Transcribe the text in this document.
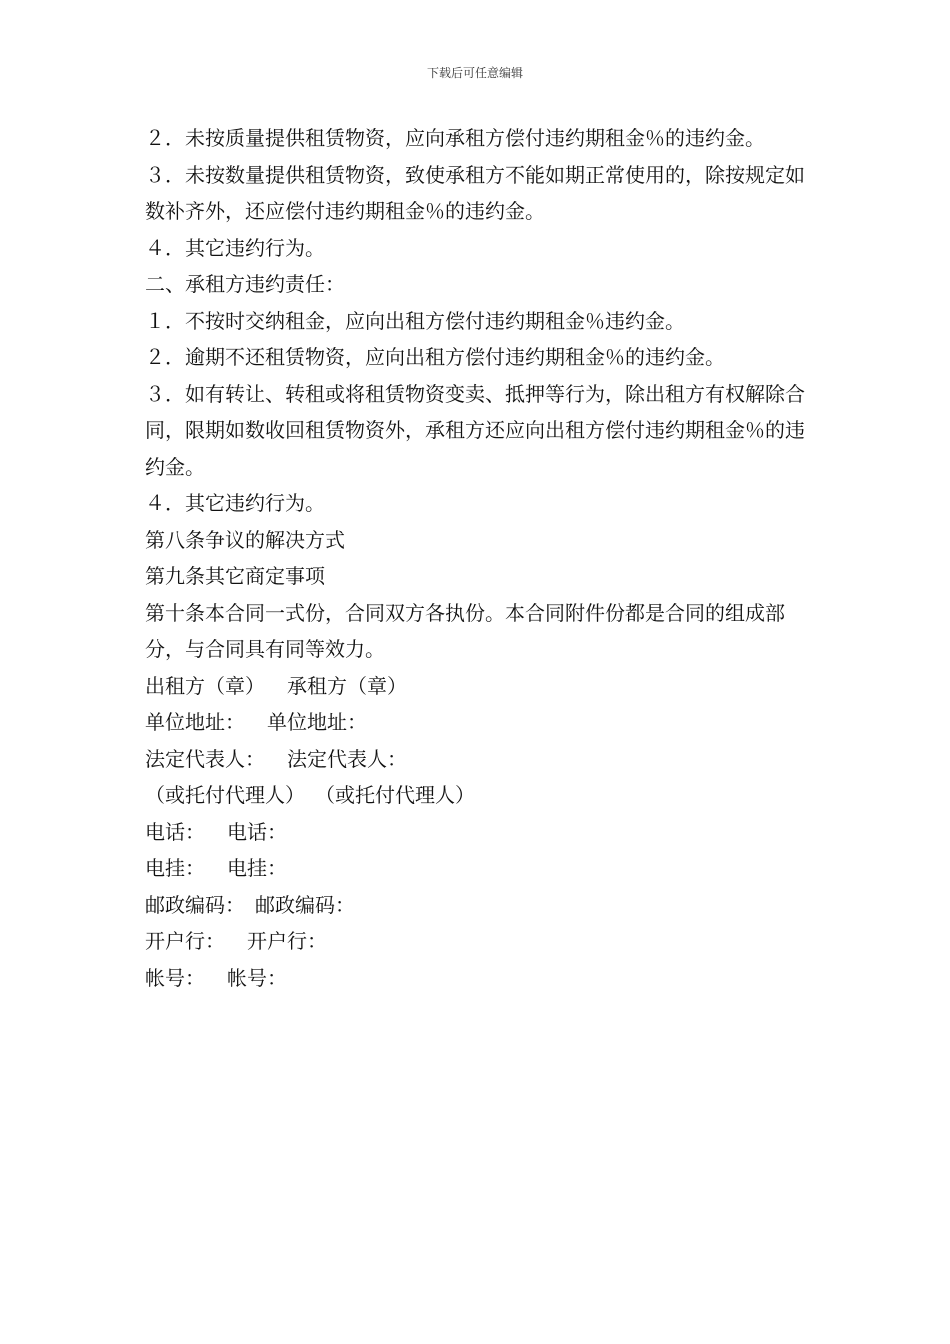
下载后可任意编辑

２．未按质量提供租赁物资，应向承租方偿付违约期租金％的违约金。

３．未按数量提供租赁物资，致使承租方不能如期正常使用的，除按规定如数补齐外，还应偿付违约期租金％的违约金。

４．其它违约行为。

二、承租方违约责任：

１．不按时交纳租金，应向出租方偿付违约期租金％违约金。

２．逾期不还租赁物资，应向出租方偿付违约期租金％的违约金。

３．如有转让、转租或将租赁物资变卖、抵押等行为，除出租方有权解除合同，限期如数收回租赁物资外，承租方还应向出租方偿付违约期租金％的违约金。

４．其它违约行为。

第八条争议的解决方式

第九条其它商定事项

第十条本合同一式份，合同双方各执份。本合同附件份都是合同的组成部分，与合同具有同等效力。

出租方（章） 承租方（章）
单位地址： 单位地址：
法定代表人： 法定代表人：
（或托付代理人） （或托付代理人）
电话： 电话：
电挂： 电挂：
邮政编码： 邮政编码：
开户行： 开户行：
帐号： 帐号：
